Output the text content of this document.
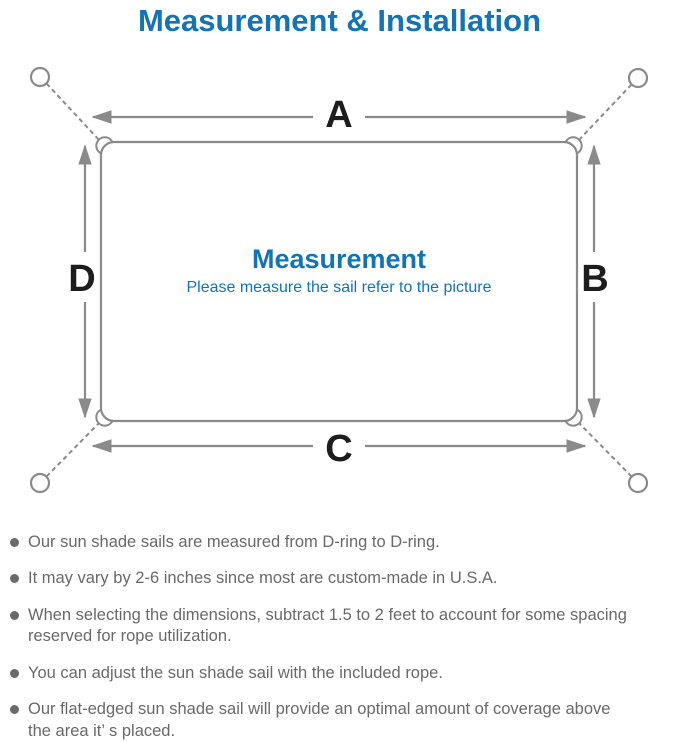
Measurement & Installation
A
B
C
D	Measurement
Please measure the sail refer to the picture
Our sun shade sails are measured from D-ring to D-ring.
It may vary by 2-6 inches since most are custom-made in U.S.A.
When selecting the dimensions, subtract 1.5 to 2 feet to account for some spacing reserved for rope utilization.
You can adjust the sun shade sail with the included rope.
Our flat-edged sun shade sail will provide an optimal amount of coverage above the area it’ s placed.
